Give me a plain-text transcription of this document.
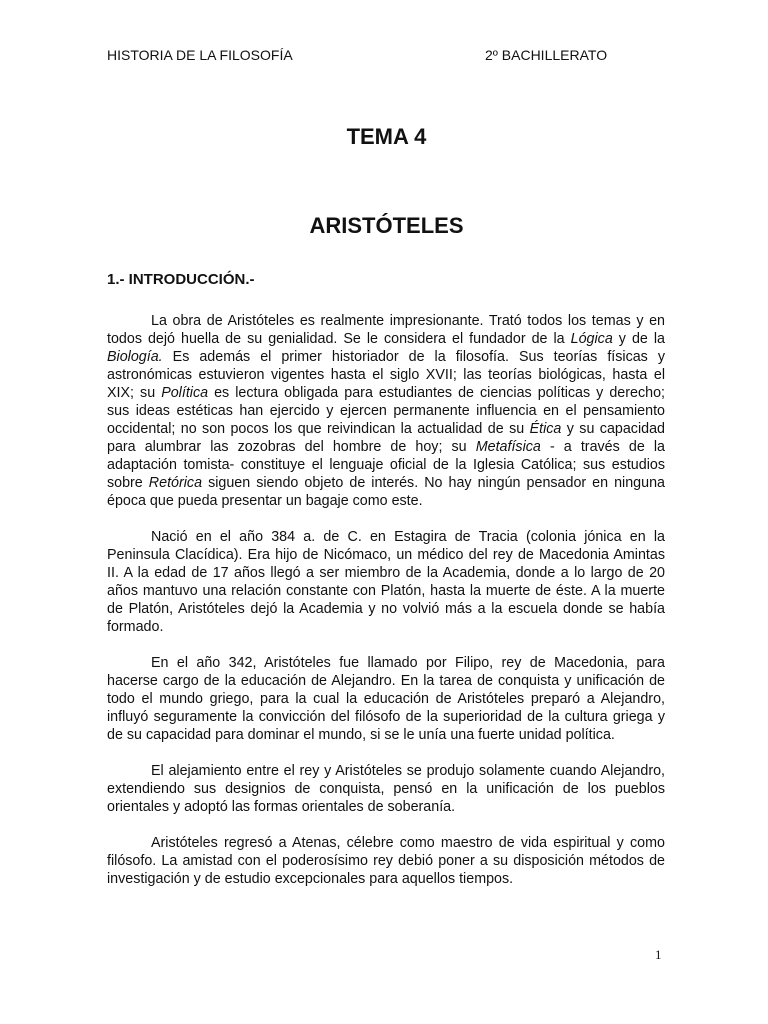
HISTORIA DE LA FILOSOFÍA	2º BACHILLERATO
TEMA 4
ARISTÓTELES
1.- INTRODUCCIÓN.-

La obra de Aristóteles es realmente impresionante. Trató todos los temas y en todos dejó huella de su genialidad. Se le considera el fundador de la Lógica y de la Biología. Es además el primer historiador de la filosofía. Sus teorías físicas y astronómicas estuvieron vigentes hasta el siglo XVII; las teorías biológicas, hasta el XIX; su Política es lectura obligada para estudiantes de ciencias políticas y derecho; sus ideas estéticas han ejercido y ejercen permanente influencia en el pensamiento occidental; no son pocos los que reivindican la actualidad de su Ética y su capacidad para alumbrar las zozobras del hombre de hoy; su Metafísica - a través de la adaptación tomista- constituye el lenguaje oficial de la Iglesia Católica; sus estudios sobre Retórica siguen siendo objeto de interés. No hay ningún pensador en ninguna época que pueda presentar un bagaje como este.

Nació en el año 384 a. de C. en Estagira de Tracia (colonia jónica en la Peninsula Clacídica). Era hijo de Nicómaco, un médico del rey de Macedonia Amintas II. A la edad de 17 años llegó a ser miembro de la Academia, donde a lo largo de 20 años mantuvo una relación constante con Platón, hasta la muerte de éste. A la muerte de Platón, Aristóteles dejó la Academia y no volvió más a la escuela donde se había formado.

En el año 342, Aristóteles fue llamado por Filipo, rey de Macedonia, para hacerse cargo de la educación de Alejandro. En la tarea de conquista y unificación de todo el mundo griego, para la cual la educación de Aristóteles preparó a Alejandro, influyó seguramente la convicción del filósofo de la superioridad de la cultura griega y de su capacidad para dominar el mundo, si se le unía una fuerte unidad política.

El alejamiento entre el rey y Aristóteles se produjo solamente cuando Alejandro, extendiendo sus designios de conquista, pensó en la unificación de los pueblos orientales y adoptó las formas orientales de soberanía.

Aristóteles regresó a Atenas, célebre como maestro de vida espiritual y como filósofo. La amistad con el poderosísimo rey debió poner a su disposición métodos de investigación y de estudio excepcionales para aquellos tiempos.

1
